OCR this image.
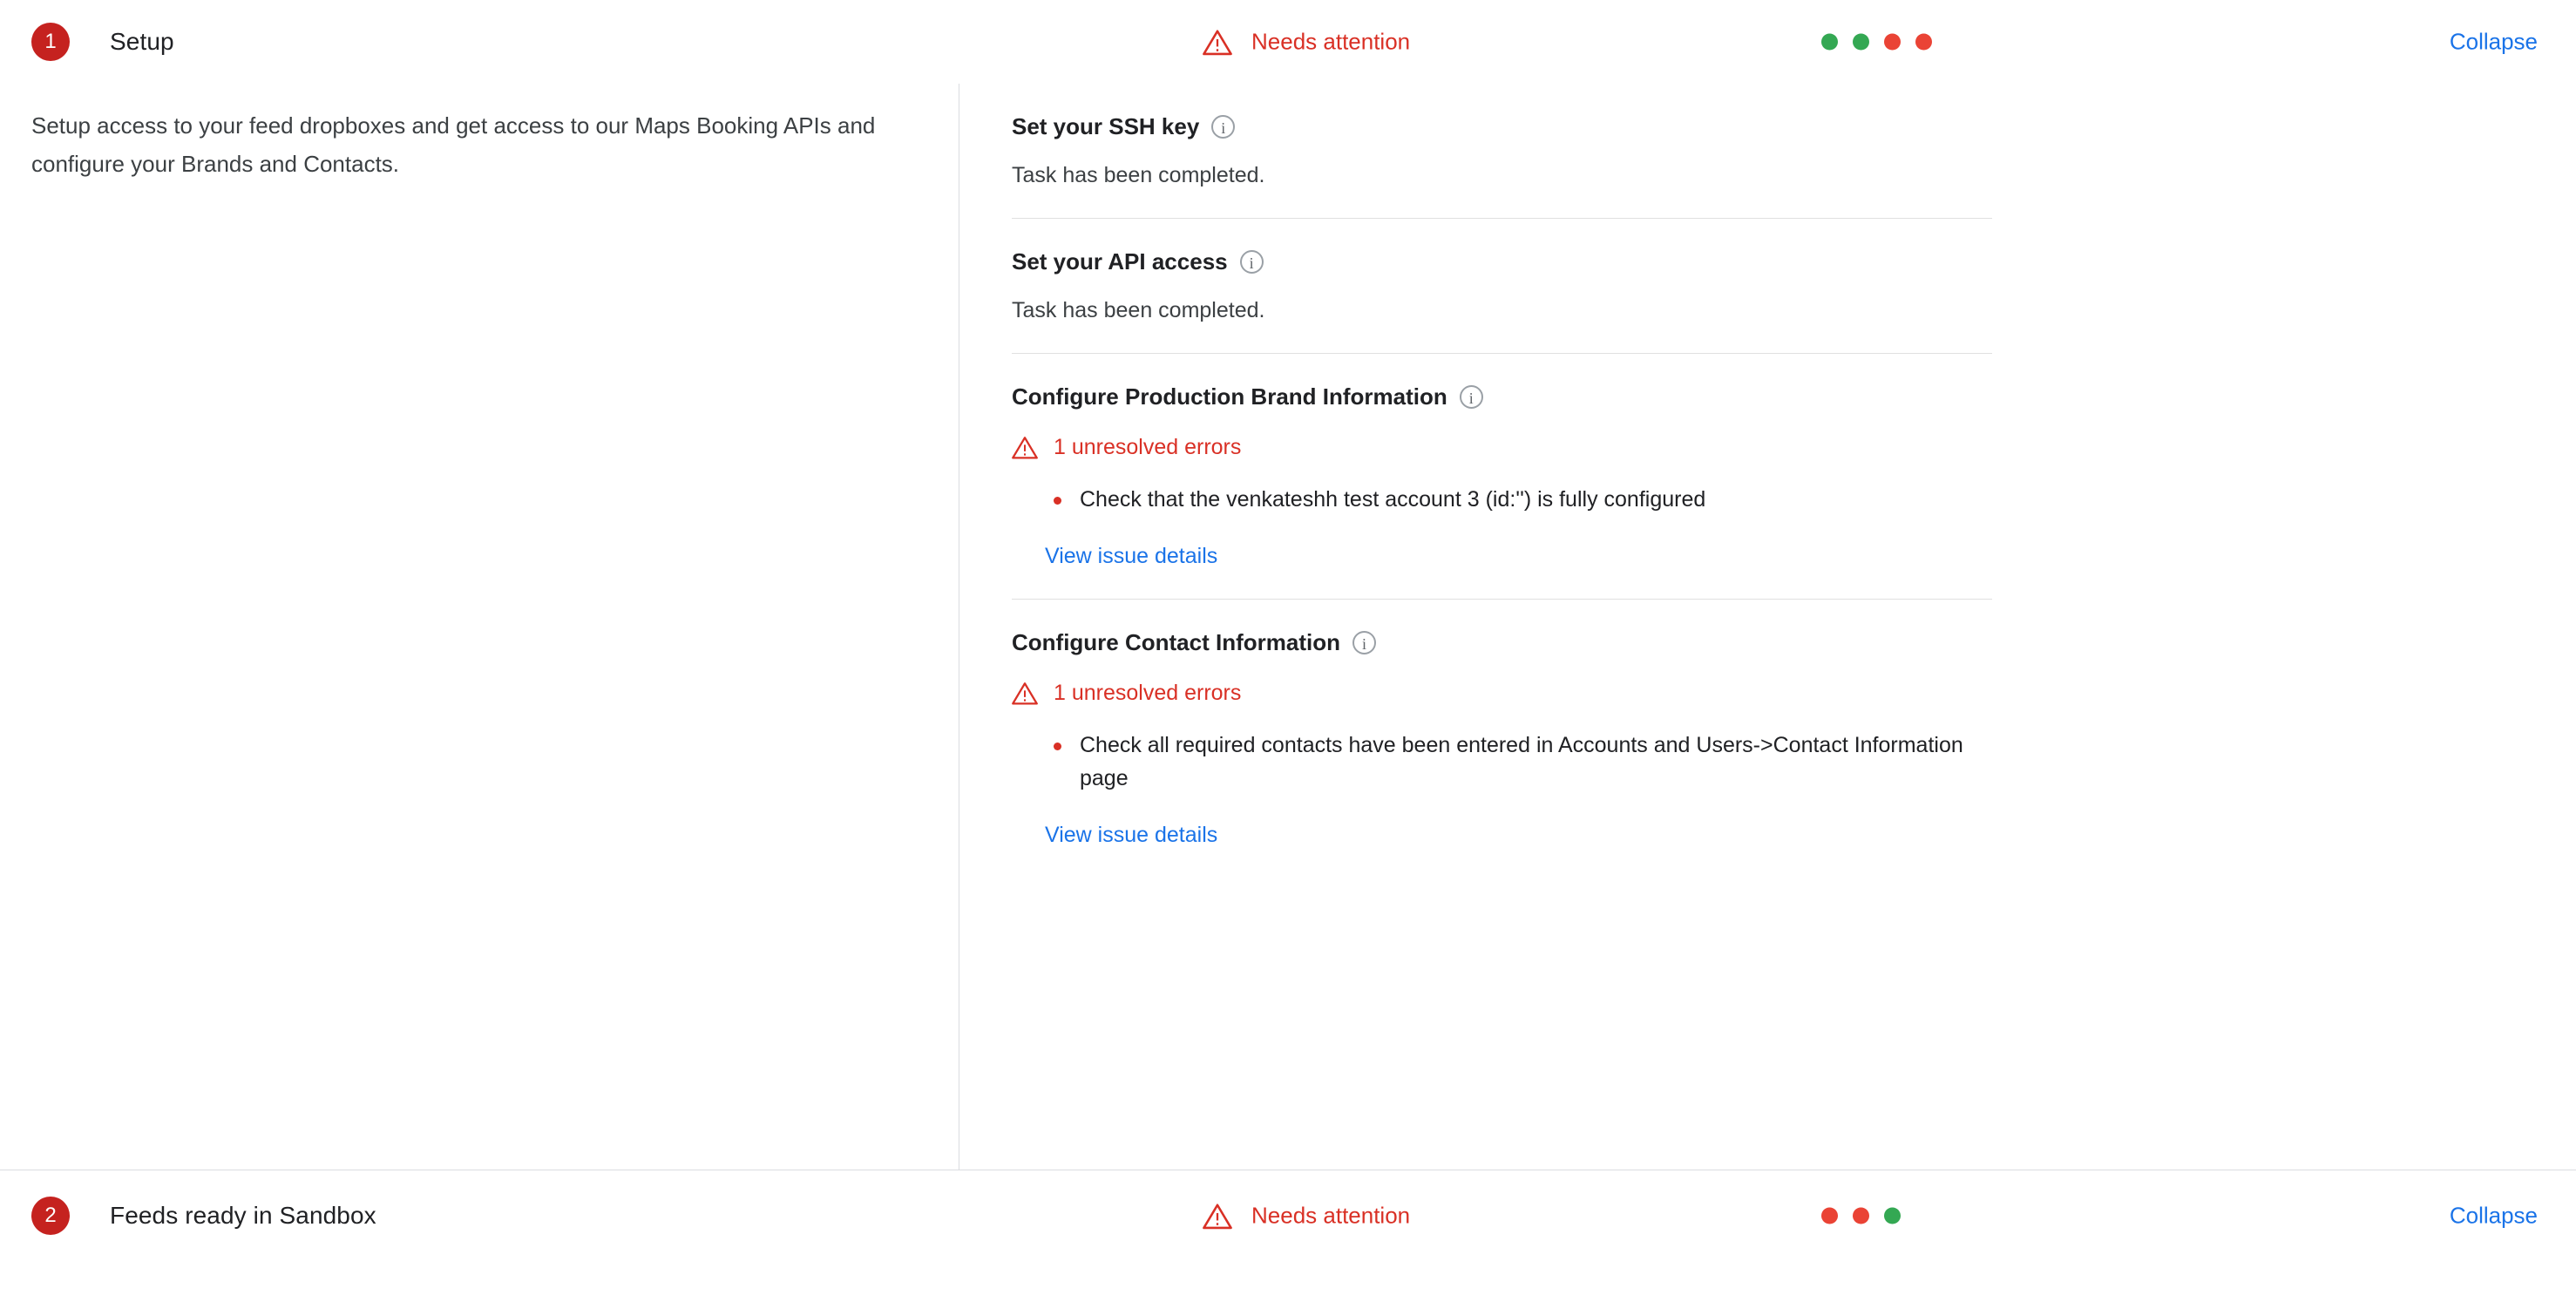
1	Setup	Needs attention	Collapse
Setup access to your feed dropboxes and get access to our Maps Booking APIs and configure your Brands and Contacts.
Set your SSH key	i
Task has been completed.
Set your API access	i
Task has been completed.
Configure Production Brand Information	i
1 unresolved errors
Check that the venkateshh test account 3 (id:'') is fully configured
View issue details
Configure Contact Information	i
1 unresolved errors
Check all required contacts have been entered in Accounts and Users->Contact Information page
View issue details
2	Feeds ready in Sandbox	Needs attention	Collapse
